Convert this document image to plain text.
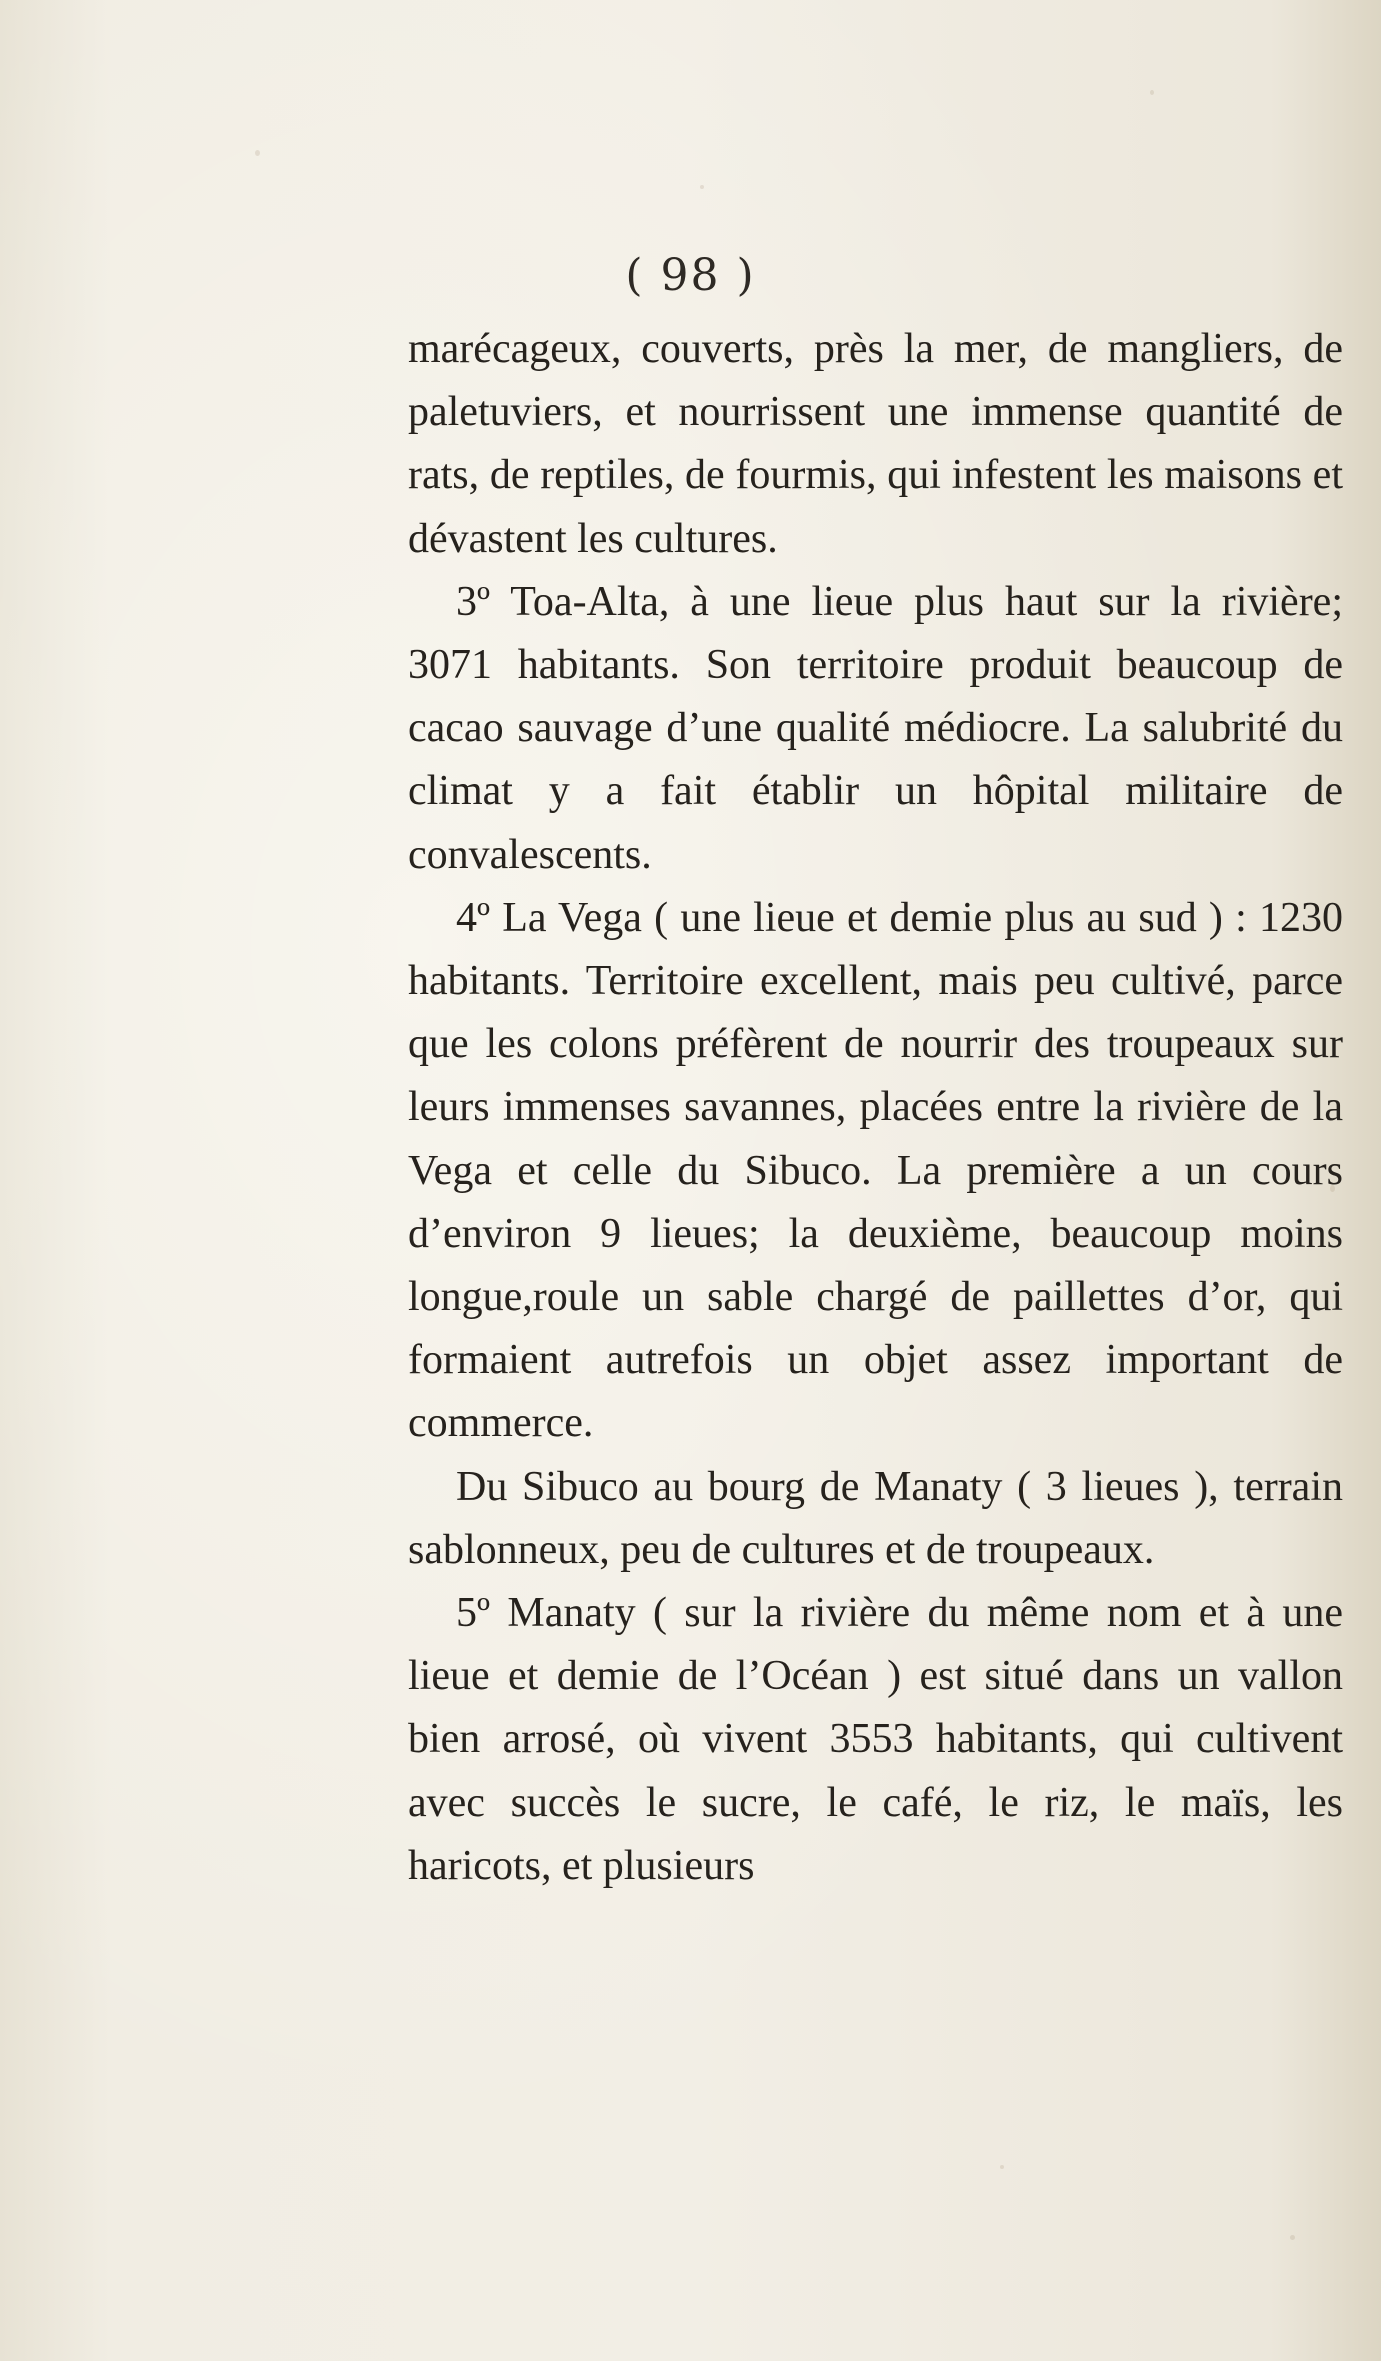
( 98 )

marécageux, couverts, près la mer, de mangliers, de paletuviers, et nourrissent une immense quantité de rats, de reptiles, de fourmis, qui infestent les maisons et dévastent les cultures.

3º Toa-Alta, à une lieue plus haut sur la rivière; 3071 habitants. Son territoire produit beaucoup de cacao sauvage d’une qualité médiocre. La salubrité du climat y a fait établir un hôpital militaire de convalescents.

4º La Vega ( une lieue et demie plus au sud ) : 1230 habitants. Territoire excellent, mais peu cultivé, parce que les colons préfèrent de nourrir des troupeaux sur leurs immenses savannes, placées entre la rivière de la Vega et celle du Sibuco. La première a un cours d’environ 9 lieues; la deuxième, beaucoup moins longue,roule un sable chargé de paillettes d’or, qui formaient autrefois un objet assez important de commerce.

Du Sibuco au bourg de Manaty ( 3 lieues ), terrain sablonneux, peu de cultures et de troupeaux.

5º Manaty ( sur la rivière du même nom et à une lieue et demie de l’Océan ) est situé dans un vallon bien arrosé, où vivent 3553 habitants, qui cultivent avec succès le sucre, le café, le riz, le maïs, les haricots, et plusieurs
